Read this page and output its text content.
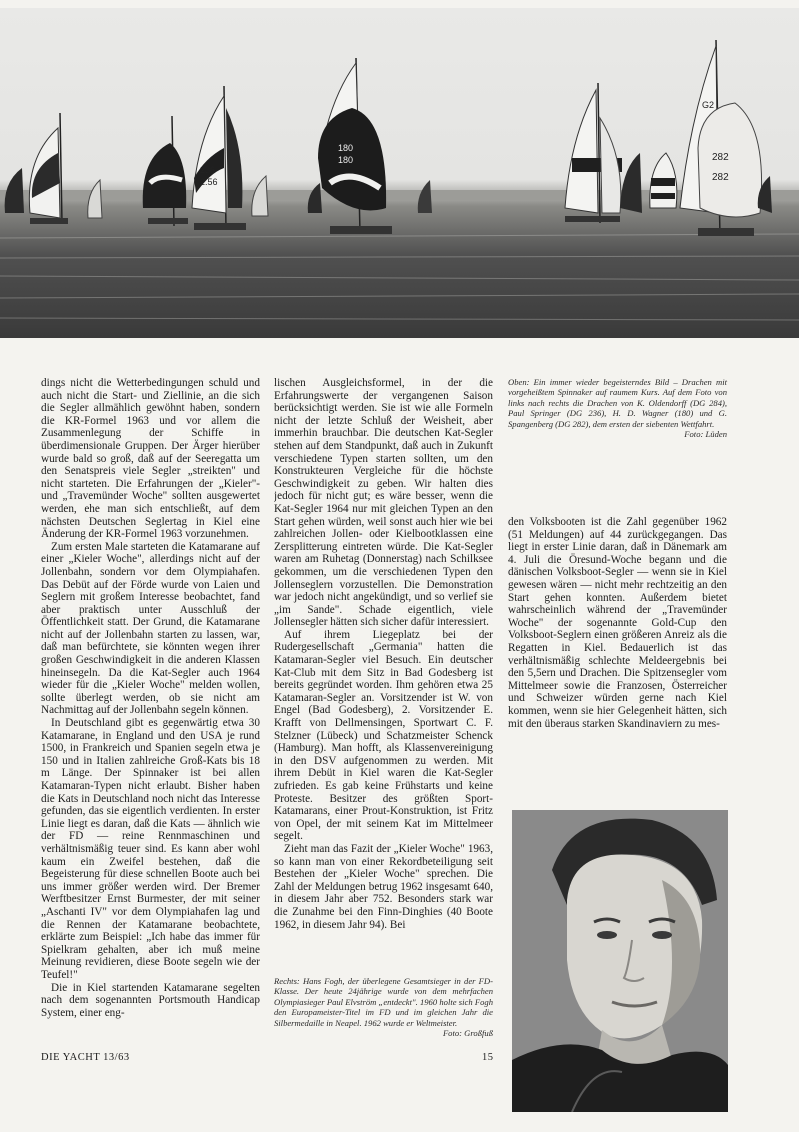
236
2.56
180
180
G2
282
282
Oben: Ein immer wieder begeisterndes Bild – Drachen mit vorgeheißtem Spinnaker auf raumem Kurs. Auf dem Foto von links nach rechts die Drachen von K. Oldendorff (DG 284), Paul Springer (DG 236), H. D. Wagner (180) und G. Spangenberg (DG 282), dem ersten der siebenten Wettfahrt.
Foto: Lüden

dings nicht die Wetterbedingungen schuld und auch nicht die Start- und Ziellinie, an die sich die Segler allmählich gewöhnt haben, sondern die KR-Formel 1963 und vor allem die Zusammenlegung der Schiffe in überdimensionale Gruppen. Der Ärger hierüber wurde bald so groß, daß auf der Seeregatta um den Senatspreis viele Segler „streikten" und nicht starteten. Die Erfahrungen der „Kieler"- und „Travemünder Woche" sollten ausgewertet werden, ehe man sich entschließt, auf dem nächsten Deutschen Seglertag in Kiel eine Änderung der KR-Formel 1963 vorzunehmen.

Zum ersten Male starteten die Katamarane auf einer „Kieler Woche", allerdings nicht auf der Jollenbahn, sondern vor dem Olympiahafen. Das Debüt auf der Förde wurde von Laien und Seglern mit großem Interesse beobachtet, fand aber praktisch unter Ausschluß der Öffentlichkeit statt. Der Grund, die Katamarane nicht auf der Jollenbahn starten zu lassen, war, daß man befürchtete, sie könnten wegen ihrer großen Geschwindigkeit in die anderen Klassen hineinsegeln. Da die Kat-Segler auch 1964 wieder für die „Kieler Woche" melden wollen, sollte überlegt werden, ob sie nicht am Nachmittag auf der Jollenbahn segeln können.

In Deutschland gibt es gegenwärtig etwa 30 Katamarane, in England und den USA je rund 1500, in Frankreich und Spanien segeln etwa je 150 und in Italien zahlreiche Groß-Kats bis 18 m Länge. Der Spinnaker ist bei allen Katamaran-Typen nicht erlaubt. Bisher haben die Kats in Deutschland noch nicht das Interesse gefunden, das sie eigentlich verdienten. In erster Linie liegt es daran, daß die Kats — ähnlich wie der FD — reine Rennmaschinen und verhältnismäßig teuer sind. Es kann aber wohl kaum ein Zweifel bestehen, daß die Begeisterung für diese schnellen Boote auch bei uns immer größer werden wird. Der Bremer Werftbesitzer Ernst Burmester, der mit seiner „Aschanti IV" vor dem Olympiahafen lag und die Rennen der Katamarane beobachtete, erklärte zum Beispiel: „Ich habe das immer für Spielkram gehalten, aber ich muß meine Meinung revidieren, diese Boote segeln wie der Teufel!"

Die in Kiel startenden Katamarane segelten nach dem sogenannten Portsmouth Handicap System, einer eng-

lischen Ausgleichsformel, in der die Erfahrungswerte der vergangenen Saison berücksichtigt werden. Sie ist wie alle Formeln nicht der letzte Schluß der Weisheit, aber immerhin brauchbar. Die deutschen Kat-Segler stehen auf dem Standpunkt, daß auch in Zukunft verschiedene Typen starten sollten, um den Konstrukteuren Vergleiche für die höchste Geschwindigkeit zu geben. Wir halten dies jedoch für nicht gut; es wäre besser, wenn die Kat-Segler 1964 nur mit gleichen Typen an den Start gehen würden, weil sonst auch hier wie bei zahlreichen Jollen- oder Kielbootklassen eine Zersplitterung eintreten würde. Die Kat-Segler waren am Ruhetag (Donnerstag) nach Schilksee gekommen, um die verschiedenen Typen den Jollenseglern vorzustellen. Die Demonstration war jedoch nicht angekündigt, und so verlief sie „im Sande". Schade eigentlich, viele Jollensegler hätten sich sicher dafür interessiert.

Auf ihrem Liegeplatz bei der Rudergesellschaft „Germania" hatten die Katamaran-Segler viel Besuch. Ein deutscher Kat-Club mit dem Sitz in Bad Godesberg ist bereits gegründet worden. Ihm gehören etwa 25 Katamaran-Segler an. Vorsitzender ist W. von Engel (Bad Godesberg), 2. Vorsitzender E. Krafft von Dellmensingen, Sportwart C. F. Stelzner (Lübeck) und Schatzmeister Schenck (Hamburg). Man hofft, als Klassenvereinigung in den DSV aufgenommen zu werden. Mit ihrem Debüt in Kiel waren die Kat-Segler zufrieden. Es gab keine Frühstarts und keine Proteste. Besitzer des größten Sport-Katamarans, einer Prout-Konstruktion, ist Fritz von Opel, der mit seinem Kat im Mittelmeer segelt.

Zieht man das Fazit der „Kieler Woche" 1963, so kann man von einer Rekordbeteiligung seit Bestehen der „Kieler Woche" sprechen. Die Zahl der Meldungen betrug 1962 insgesamt 640, in diesem Jahr aber 752. Besonders stark war die Zunahme bei den Finn-Dinghies (40 Boote 1962, in diesem Jahr 94). Bei

den Volksbooten ist die Zahl gegenüber 1962 (51 Meldungen) auf 44 zurückgegangen. Das liegt in erster Linie daran, daß in Dänemark am 4. Juli die Öresund-Woche begann und die dänischen Volksboot-Segler — wenn sie in Kiel gewesen wären — nicht mehr rechtzeitig an den Start gehen konnten. Außerdem bietet wahrscheinlich während der „Travemünder Woche" der sogenannte Gold-Cup den Volksboot-Seglern einen größeren Anreiz als die Regatten in Kiel. Bedauerlich ist das verhältnismäßig schlechte Meldeergebnis bei den 5,5ern und Drachen. Die Spitzensegler vom Mittelmeer sowie die Franzosen, Österreicher und Schweizer würden gerne nach Kiel kommen, wenn sie hier Gelegenheit hätten, sich mit den überaus starken Skandinaviern zu mes-

Rechts: Hans Fogh, der überlegene Gesamtsieger in der FD-Klasse. Der heute 24jährige wurde von dem mehrfachen Olympiasieger Paul Elvström „entdeckt". 1960 holte sich Fogh den Europameister-Titel im FD und im gleichen Jahr die Silbermedaille in Neapel. 1962 wurde er Weltmeister.
Foto: Großfuß
DIE YACHT 13/63	15
